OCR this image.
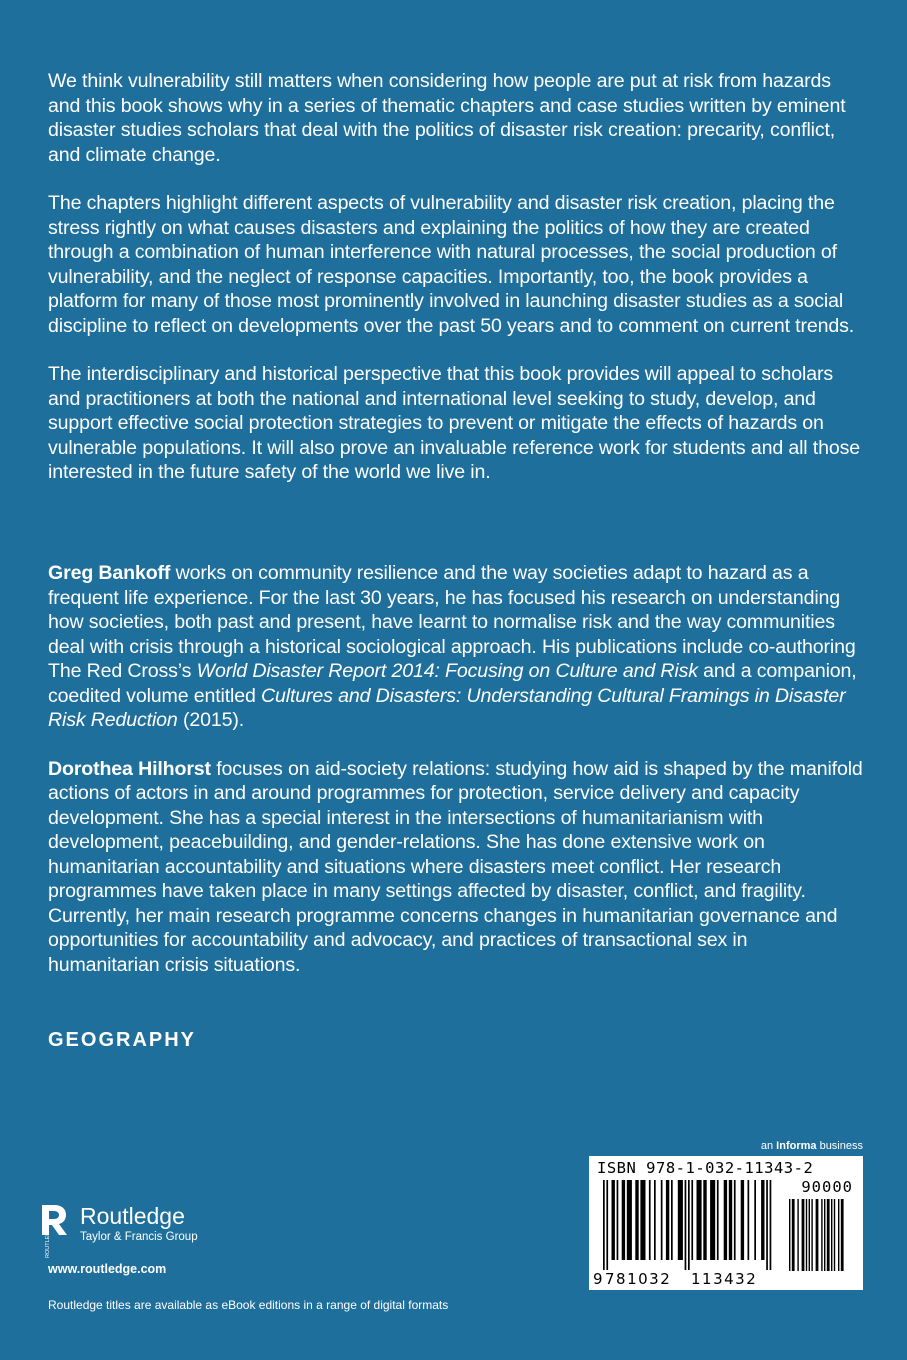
We think vulnerability still matters when considering how people are put at risk from hazards and this book shows why in a series of thematic chapters and case studies written by eminent disaster studies scholars that deal with the politics of disaster risk creation: precarity, conflict, and climate change.

The chapters highlight different aspects of vulnerability and disaster risk creation, placing the stress rightly on what causes disasters and explaining the politics of how they are created through a combination of human interference with natural processes, the social production of vulnerability, and the neglect of response capacities. Importantly, too, the book provides a platform for many of those most prominently involved in launching disaster studies as a social discipline to reflect on developments over the past 50 years and to comment on current trends.

The interdisciplinary and historical perspective that this book provides will appeal to scholars and practitioners at both the national and international level seeking to study, develop, and support effective social protection strategies to prevent or mitigate the effects of hazards on vulnerable populations. It will also prove an invaluable reference work for students and all those interested in the future safety of the world we live in.

Greg Bankoff works on community resilience and the way societies adapt to hazard as a frequent life experience. For the last 30 years, he has focused his research on understanding how societies, both past and present, have learnt to normalise risk and the way communities deal with crisis through a historical sociological approach. His publications include co-authoring The Red Cross’s World Disaster Report 2014: Focusing on Culture and Risk and a companion, coedited volume entitled Cultures and Disasters: Understanding Cultural Framings in Disaster Risk Reduction (2015).

Dorothea Hilhorst focuses on aid-society relations: studying how aid is shaped by the manifold actions of actors in and around programmes for protection, service delivery and capacity development. She has a special interest in the intersections of humanitarianism with development, peacebuilding, and gender-relations. She has done extensive work on humanitarian accountability and situations where disasters meet conflict. Her research programmes have taken place in many settings affected by disaster, conflict, and fragility. Currently, her main research programme concerns changes in humanitarian governance and opportunities for accountability and advocacy, and practices of transactional sex in humanitarian crisis situations.

GEOGRAPHY
an Informa business
ISBN 978-1-032-11343-2
90000
9 781032 113432
ROUTLEDGE
Routledge
Taylor & Francis Group
www.routledge.com
Routledge titles are available as eBook editions in a range of digital formats
